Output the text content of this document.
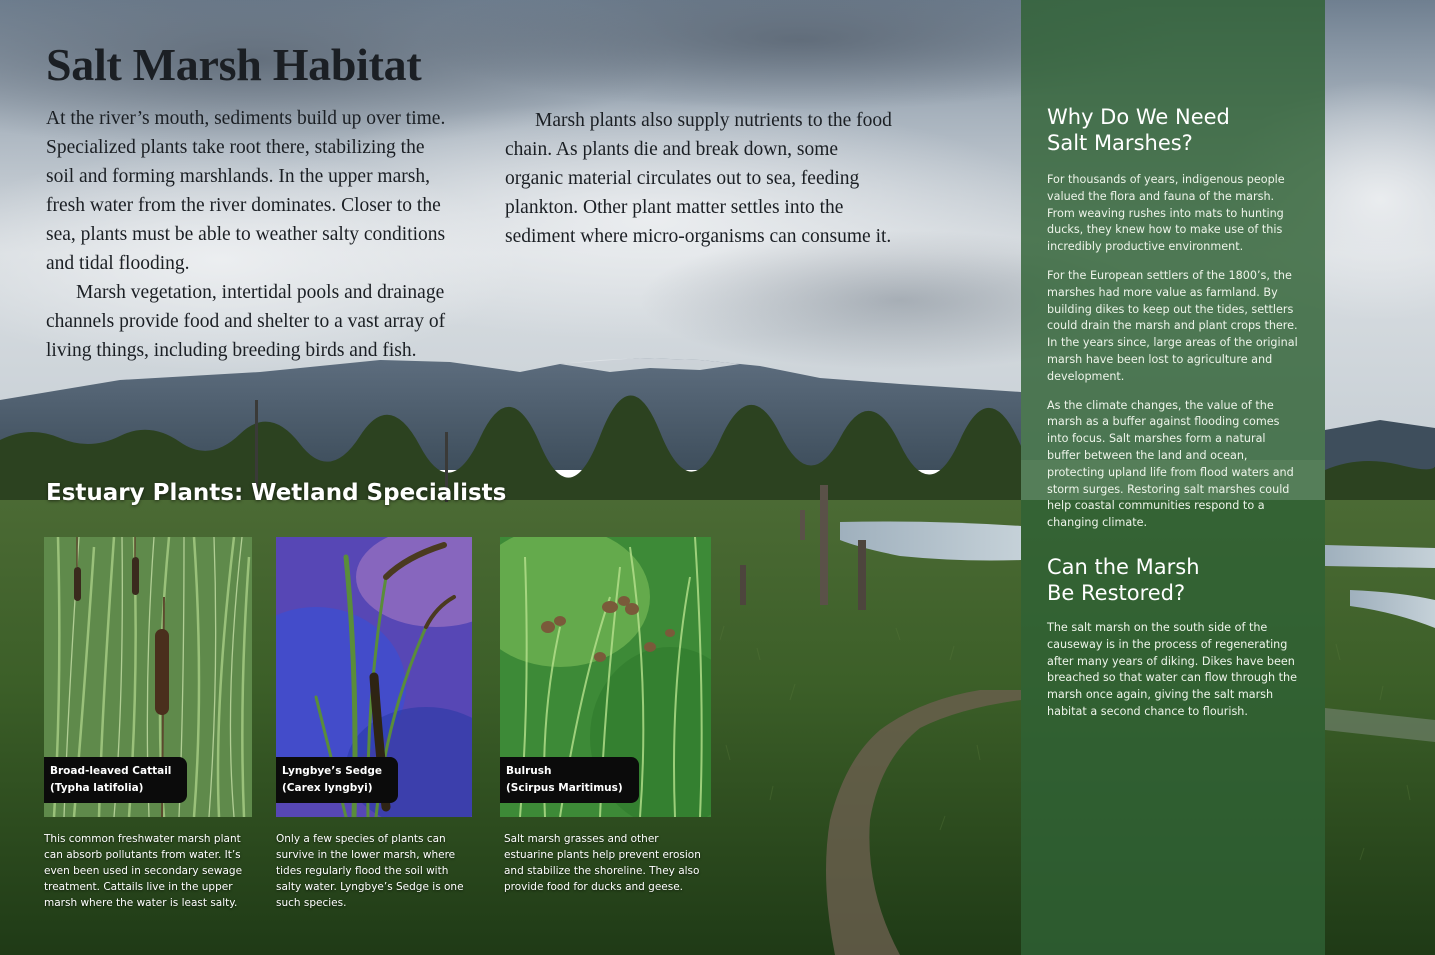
Salt Marsh Habitat

At the river’s mouth, sediments build up over time. Specialized plants take root there, stabilizing the soil and forming marshlands. In the upper marsh, fresh water from the river dominates. Closer to the sea, plants must be able to weather salty conditions and tidal flooding.

Marsh vegetation, intertidal pools and drainage channels provide food and shelter to a vast array of living things, including breeding birds and fish.

Marsh plants also supply nutrients to the food chain. As plants die and break down, some organic material circulates out to sea, feeding plankton. Other plant matter settles into the sediment where micro-organisms can consume it.

Estuary Plants: Wetland Specialists
Broad-leaved Cattail
(Typha latifolia)

This common freshwater marsh plant can absorb pollutants from water. It’s even been used in secondary sewage treatment. Cattails live in the upper marsh where the water is least salty.

Lyngbye’s Sedge
(Carex lyngbyi)

Only a few species of plants can survive in the lower marsh, where tides regularly flood the soil with salty water. Lyngbye’s Sedge is one such species.

Bulrush
(Scirpus Maritimus)

Salt marsh grasses and other estuarine plants help prevent erosion and stabilize the shoreline. They also provide food for ducks and geese.

Why Do We Need
Salt Marshes?

For thousands of years, indigenous people valued the flora and fauna of the marsh. From weaving rushes into mats to hunting ducks, they knew how to make use of this incredibly productive environment.

For the European settlers of the 1800’s, the marshes had more value as farmland. By building dikes to keep out the tides, settlers could drain the marsh and plant crops there. In the years since, large areas of the original marsh have been lost to agriculture and development.

As the climate changes, the value of the marsh as a buffer against flooding comes into focus. Salt marshes form a natural buffer between the land and ocean, protecting upland life from flood waters and storm surges. Restoring salt marshes could help coastal communities respond to a changing climate.

Can the Marsh
Be Restored?

The salt marsh on the south side of the causeway is in the process of regenerating after many years of diking. Dikes have been breached so that water can flow through the marsh once again, giving the salt marsh habitat a second chance to flourish.
